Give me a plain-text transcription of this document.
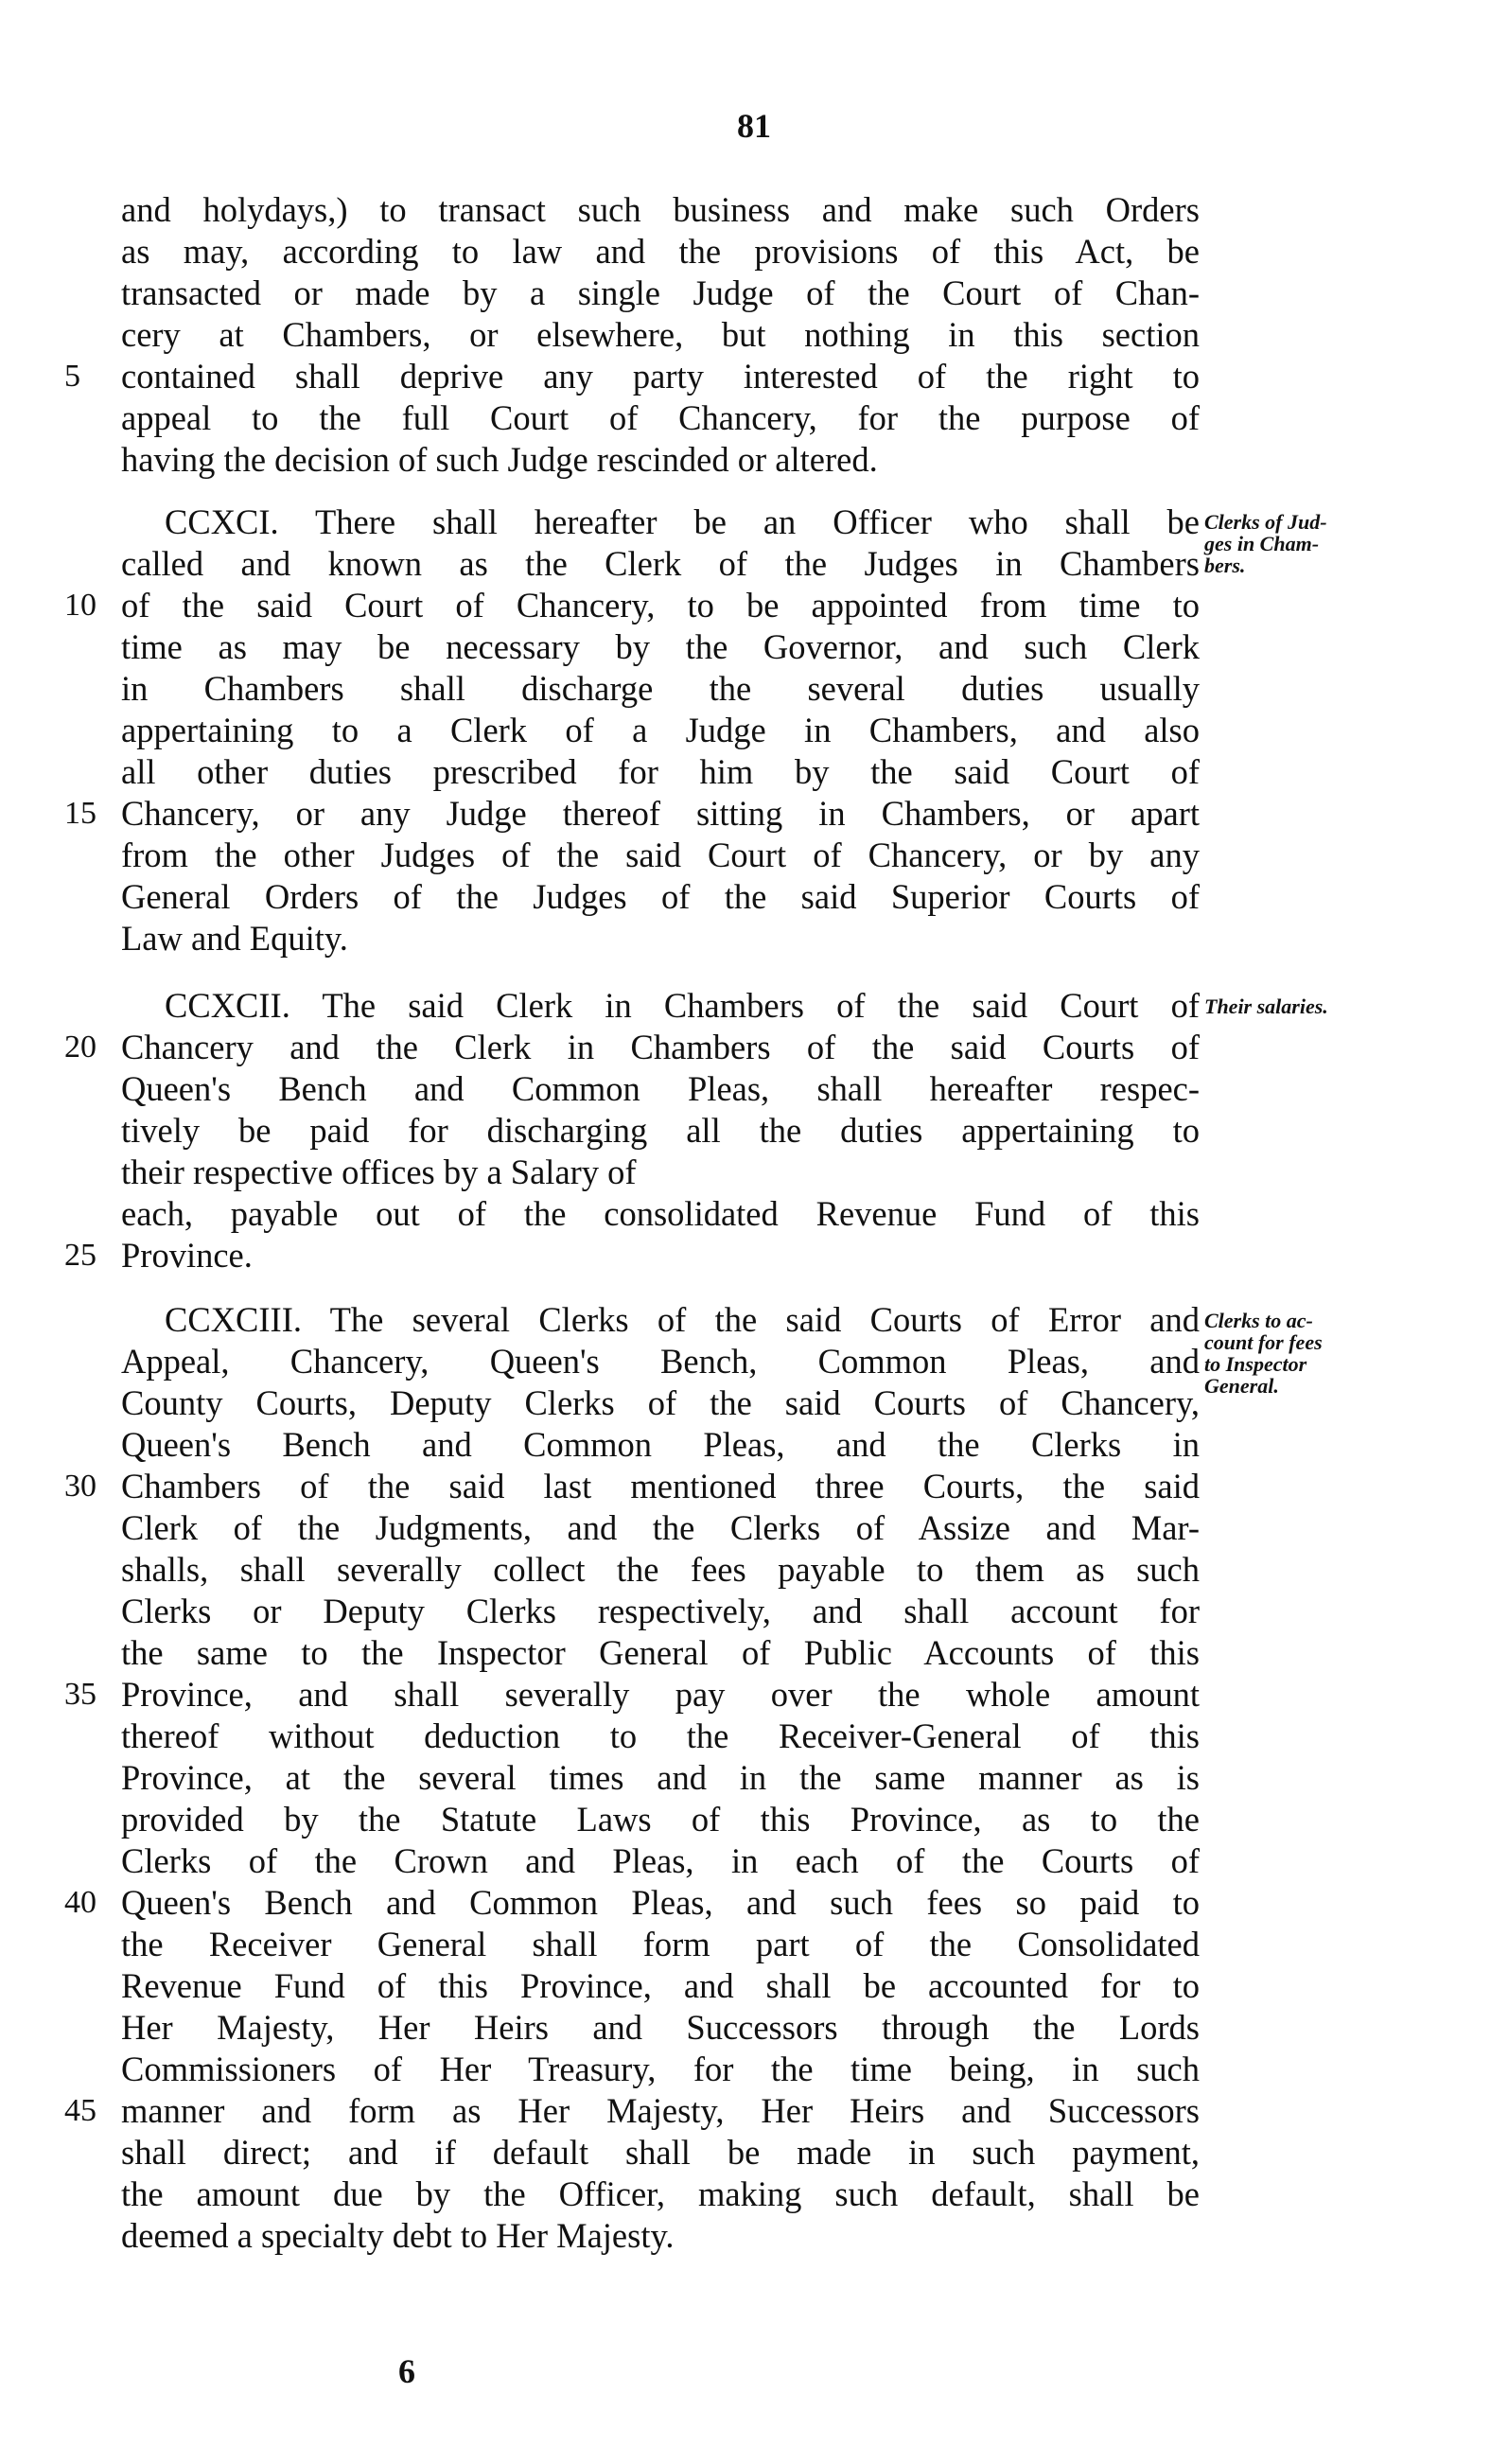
81
and holydays,) to transact such business and make such Orders
as may, according to law and the provisions of this Act, be
transacted or made by a single Judge of the Court of Chan-
cery at Chambers, or elsewhere, but nothing in this section
5	contained shall deprive any party interested of the right to
appeal to the full Court of Chancery, for the purpose of
having the decision of such Judge rescinded or altered.
CCXCI. There shall hereafter be an Officer who shall be
called and known as the Clerk of the Judges in Chambers
10 of the said Court of Chancery, to be appointed from time to
time as may be necessary by the Governor, and such Clerk
in Chambers shall discharge the several duties usually
appertaining to a Clerk of a Judge in Chambers, and also
all other duties prescribed for him by the said Court of
15 Chancery, or any Judge thereof sitting in Chambers, or apart
from the other Judges of the said Court of Chancery, or by any
General Orders of the Judges of the said Superior Courts of
Law and Equity.
CCXCII. The said Clerk in Chambers of the said Court of
20 Chancery and the Clerk in Chambers of the said Courts of
Queen's Bench and Common Pleas, shall hereafter respec-
tively be paid for discharging all the duties appertaining to
their respective offices by a Salary of
each, payable out of the consolidated Revenue Fund of this
25 Province.
CCXCIII. The several Clerks of the said Courts of Error and
Appeal, Chancery, Queen's Bench, Common Pleas, and
County Courts, Deputy Clerks of the said Courts of Chancery,
Queen's Bench and Common Pleas, and the Clerks in
30 Chambers of the said last mentioned three Courts, the said
Clerk of the Judgments, and the Clerks of Assize and Mar-
shalls, shall severally collect the fees payable to them as such
Clerks or Deputy Clerks respectively, and shall account for
the same to the Inspector General of Public Accounts of this
35 Province, and shall severally pay over the whole amount
thereof without deduction to the Receiver-General of this
Province, at the several times and in the same manner as is
provided by the Statute Laws of this Province, as to the
Clerks of the Crown and Pleas, in each of the Courts of
40 Queen's Bench and Common Pleas, and such fees so paid to
the Receiver General shall form part of the Consolidated
Revenue Fund of this Province, and shall be accounted for to
Her Majesty, Her Heirs and Successors through the Lords
Commissioners of Her Treasury, for the time being, in such
45 manner and form as Her Majesty, Her Heirs and Successors
shall direct; and if default shall be made in such payment,
the amount due by the Officer, making such default, shall be
deemed a specialty debt to Her Majesty.
Clerks of Jud-
ges in Cham-
bers.
Their salaries.
Clerks to ac-
count for fees
to Inspector
General.
6
